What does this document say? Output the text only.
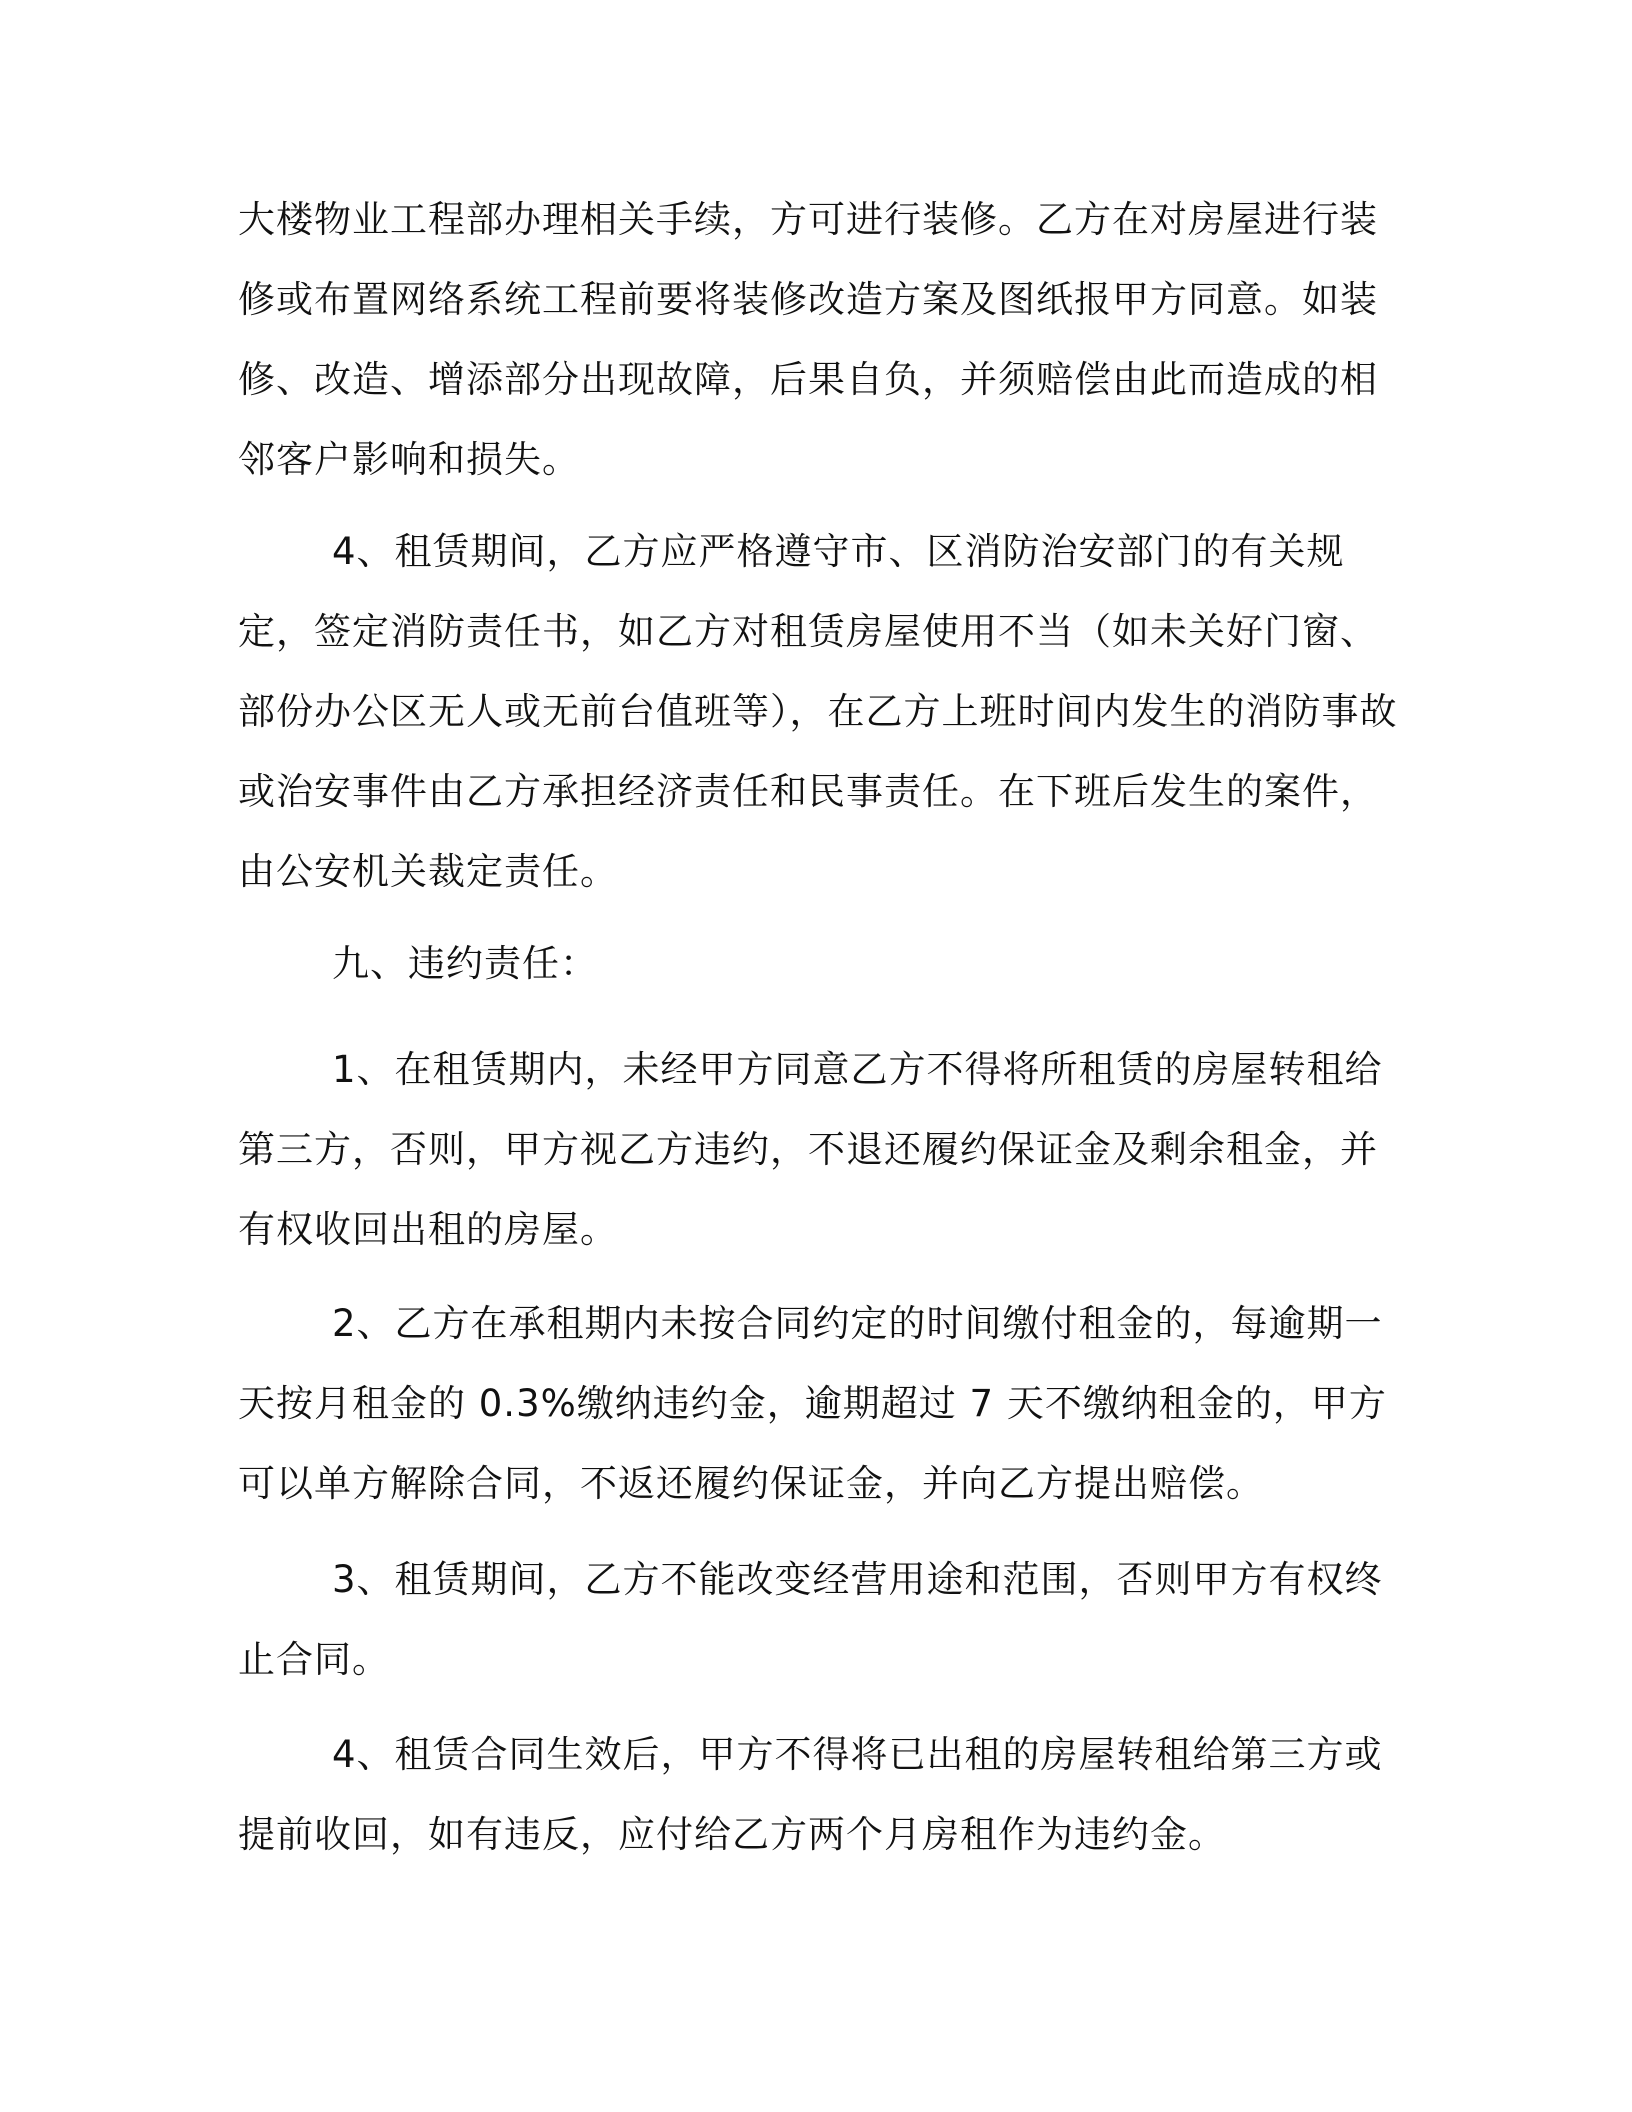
大楼物业工程部办理相关手续，方可进行装修。乙方在对房屋进行装修或布置网络系统工程前要将装修改造方案及图纸报甲方同意。如装修、改造、增添部分出现故障，后果自负，并须赔偿由此而造成的相邻客户影响和损失。

4、租赁期间，乙方应严格遵守市、区消防治安部门的有关规定，签定消防责任书，如乙方对租赁房屋使用不当（如未关好门窗、部份办公区无人或无前台值班等），在乙方上班时间内发生的消防事故或治安事件由乙方承担经济责任和民事责任。在下班后发生的案件，由公安机关裁定责任。

九、违约责任：

1、在租赁期内，未经甲方同意乙方不得将所租赁的房屋转租给第三方，否则，甲方视乙方违约，不退还履约保证金及剩余租金，并有权收回出租的房屋。

2、乙方在承租期内未按合同约定的时间缴付租金的，每逾期一天按月租金的 0.3%缴纳违约金，逾期超过 7 天不缴纳租金的，甲方可以单方解除合同，不返还履约保证金，并向乙方提出赔偿。

3、租赁期间，乙方不能改变经营用途和范围，否则甲方有权终止合同。

4、租赁合同生效后，甲方不得将已出租的房屋转租给第三方或提前收回，如有违反，应付给乙方两个月房租作为违约金。
